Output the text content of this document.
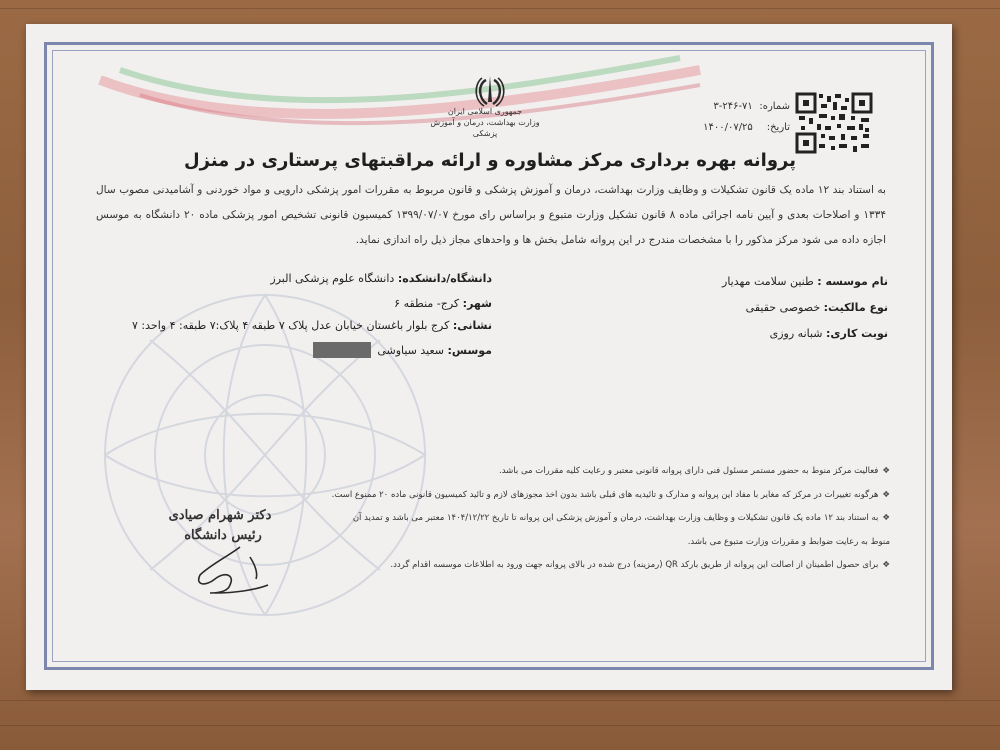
جمهوری اسلامی ایران
وزارت بهداشت، درمان و آموزش پزشکی
شماره: ۳-۲۴۶-۷۱
تاریخ: ۱۴۰۰/۰۷/۲۵
پروانه بهره برداری مرکز مشاوره و ارائه مراقبتهای پرستاری در منزل
به استناد بند ۱۲ ماده یک قانون تشکیلات و وظایف وزارت بهداشت، درمان و آموزش پزشکی و قانون مربوط به مقررات امور پزشکی دارویی و مواد خوردنی و آشامیدنی مصوب سال ۱۳۳۴ و اصلاحات بعدی و آیین نامه اجرائی ماده ۸ قانون تشکیل وزارت متبوع و براساس رای مورخ ۱۳۹۹/۰۷/۰۷ کمیسیون قانونی تشخیص امور پزشکی ماده ۲۰ دانشگاه به موسس اجازه داده می شود مرکز مذکور را با مشخصات مندرج در این پروانه شامل بخش ها و واحدهای مجاز ذیل راه اندازی نماید.
نام موسسه : طنین سلامت مهدیار
نوع مالکیت: خصوصی حقیقی
نوبت کاری: شبانه روزی
دانشگاه/دانشکده: دانشگاه علوم پزشکی البرز
شهر: کرج- منطقه ۶
نشانی: کرج بلوار باغستان خیابان عدل پلاک ۷ طبقه ۴ پلاک:۷ طبقه: ۴ واحد: ۷
موسس: سعید سیاوشی
❖فعالیت مرکز منوط به حضور مستمر مسئول فنی دارای پروانه قانونی معتبر و رعایت کلیه مقررات می باشد.
❖هرگونه تغییرات در مرکز که مغایر با مفاد این پروانه و مدارک و تائیدیه های قبلی باشد بدون اخذ مجوزهای لازم و تائید کمیسیون قانونی ماده ۲۰ ممنوع است.
❖به استناد بند ۱۲ ماده یک قانون تشکیلات و وظایف وزارت بهداشت، درمان و آموزش پزشکی این پروانه تا تاریخ ۱۴۰۴/۱۲/۲۲ معتبر می باشد و تمدید آن
منوط به رعایت ضوابط و مقررات وزارت متبوع می باشد.
❖برای حصول اطمینان از اصالت این پروانه از طریق بارکد QR (رمزینه) درج شده در بالای پروانه جهت ورود به اطلاعات موسسه اقدام گردد.
دکتر شهرام صیادی
رئیس دانشگاه
